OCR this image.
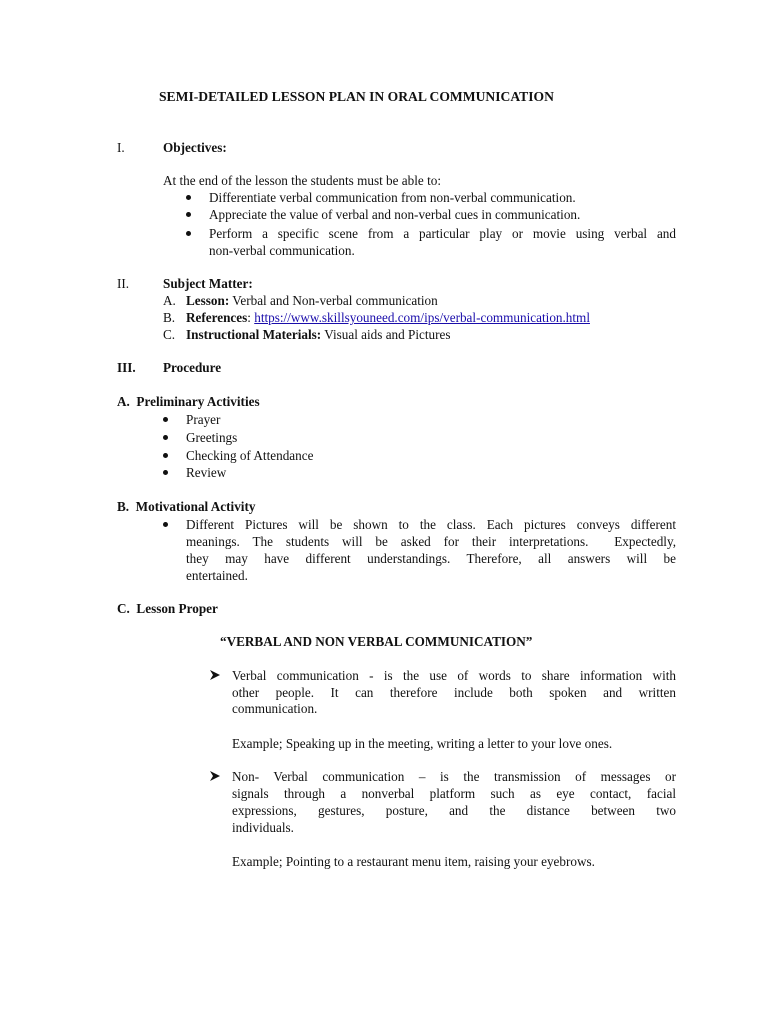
SEMI-DETAILED LESSON PLAN IN ORAL COMMUNICATION
I.	Objectives:
At the end of the lesson the students must be able to:
Differentiate verbal communication from non-verbal communication.
Appreciate the value of verbal and non-verbal cues in communication.
Perform a specific scene from a particular play or movie using verbal and
non-verbal communication.
II.	Subject Matter:
A. Lesson: Verbal and Non-verbal communication
B. References: https://www.skillsyouneed.com/ips/verbal-communication.html
C. Instructional Materials: Visual aids and Pictures
III. Procedure
A.  Preliminary Activities
Prayer
Greetings
Checking of Attendance
Review
B.  Motivational Activity
Different Pictures will be shown to the class. Each pictures conveys different
meanings. The students will be asked for their interpretations.  Expectedly,
they may have different understandings. Therefore, all answers will be
entertained.
C.  Lesson Proper
“VERBAL AND NON VERBAL COMMUNICATION”
Verbal communication - is the use of words to share information with
other people. It can therefore include both spoken and written
communication.
Example; Speaking up in the meeting, writing a letter to your love ones.
Non- Verbal communication – is the transmission of messages or
signals through a nonverbal platform such as eye contact, facial
expressions, gestures, posture, and the distance between two
individuals.
Example; Pointing to a restaurant menu item, raising your eyebrows.
